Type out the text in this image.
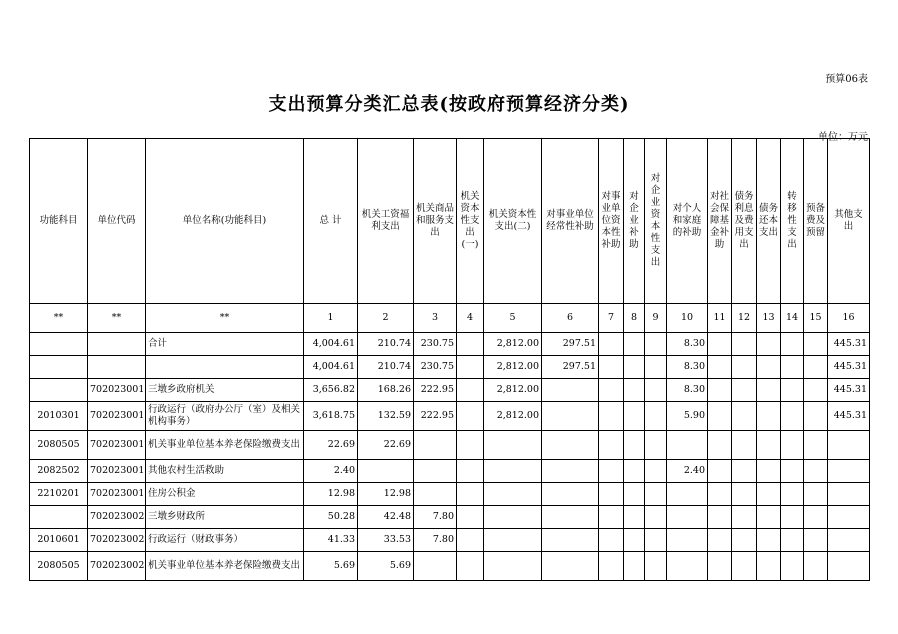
预算06表
支出预算分类汇总表(按政府预算经济分类)
单位：万元
功能科目	单位代码	单位名称(功能科目)	总 计	机关工资福利支出	机关商品和服务支出	机关资本性支出(一)	机关资本性支出(二)	对事业单位经常性补助	对事业单位资本性补助	对企业补助	对企业资本性支出	对个人和家庭的补助	对社会保障基金补助	债务利息及费用支出	债务还本支出	转移性支出	预备费及预留	其他支出
**	**	**	1	2	3	4	5	6	7	8	9	10	11	12	13	14	15	16
		合计	4,004.61	210.74	230.75		2,812.00	297.51				8.30						445.31
			4,004.61	210.74	230.75		2,812.00	297.51				8.30						445.31
	702023001	三墩乡政府机关	3,656.82	168.26	222.95		2,812.00					8.30						445.31
2010301	702023001	行政运行（政府办公厅（室）及相关机构事务）	3,618.75	132.59	222.95		2,812.00					5.90						445.31
2080505	702023001	机关事业单位基本养老保险缴费支出	22.69	22.69														
2082502	702023001	其他农村生活救助	2.40									2.40						
2210201	702023001	住房公积金	12.98	12.98														
	702023002	三墩乡财政所	50.28	42.48	7.80													
2010601	702023002	行政运行（财政事务）	41.33	33.53	7.80													
2080505	702023002	机关事业单位基本养老保险缴费支出	5.69	5.69														
